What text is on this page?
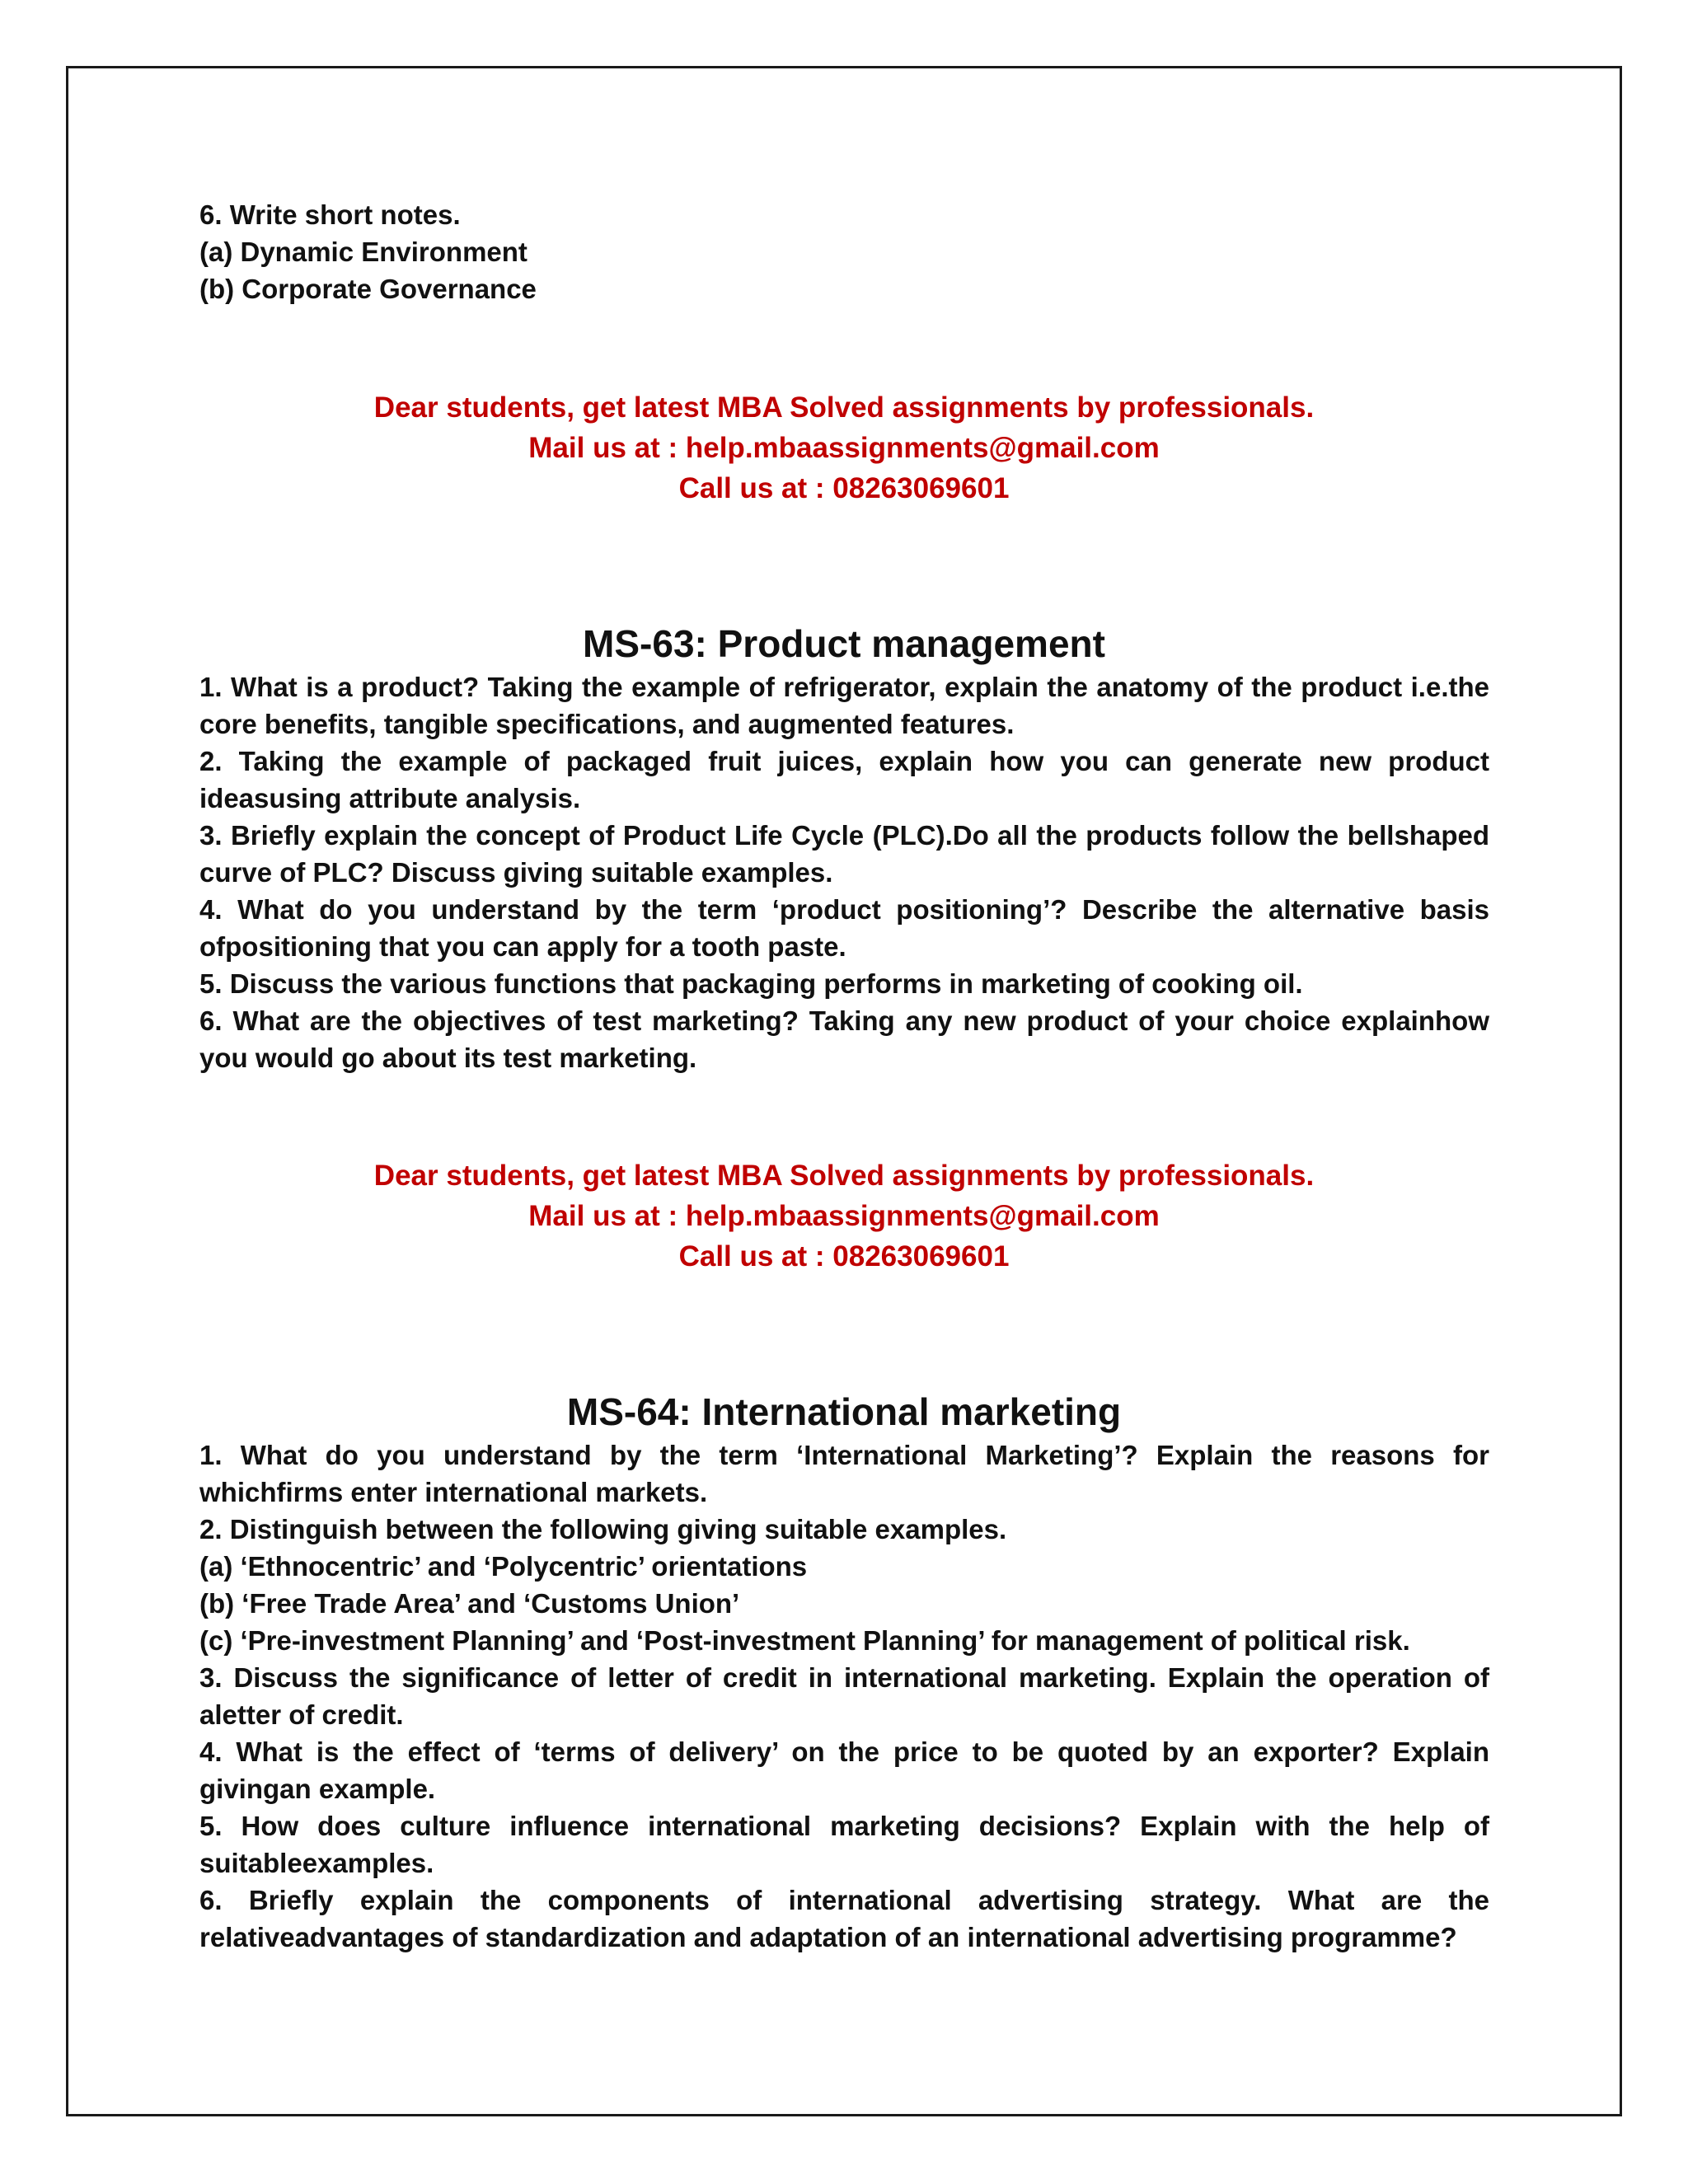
6. Write short notes.

(a) Dynamic Environment

(b) Corporate Governance

Dear students, get latest MBA Solved assignments by professionals.
Mail us at : help.mbaassignments@gmail.com
Call us at : 08263069601
MS-63: Product management

1. What is a product? Taking the example of refrigerator, explain the anatomy of the product i.e.the core benefits, tangible specifications, and augmented features.

2. Taking the example of packaged fruit juices, explain how you can generate new product ideasusing attribute analysis.

3. Briefly explain the concept of Product Life Cycle (PLC).Do all the products follow the bellshaped curve of PLC? Discuss giving suitable examples.

4. What do you understand by the term ‘product positioning’? Describe the alternative basis ofpositioning that you can apply for a tooth paste.

5. Discuss the various functions that packaging performs in marketing of cooking oil.

6. What are the objectives of test marketing? Taking any new product of your choice explainhow you would go about its test marketing.

Dear students, get latest MBA Solved assignments by professionals.
Mail us at : help.mbaassignments@gmail.com
Call us at : 08263069601
MS-64: International marketing

1. What do you understand by the term ‘International Marketing’? Explain the reasons for whichfirms enter international markets.

2. Distinguish between the following giving suitable examples.

(a) ‘Ethnocentric’ and ‘Polycentric’ orientations

(b) ‘Free Trade Area’ and ‘Customs Union’

(c) ‘Pre-investment Planning’ and ‘Post-investment Planning’ for management of political risk.

3. Discuss the significance of letter of credit in international marketing. Explain the operation of aletter of credit.

4. What is the effect of ‘terms of delivery’ on the price to be quoted by an exporter? Explain givingan example.

5. How does culture influence international marketing decisions? Explain with the help of suitableexamples.

6. Briefly explain the components of international advertising strategy. What are the relativeadvantages of standardization and adaptation of an international advertising programme?
